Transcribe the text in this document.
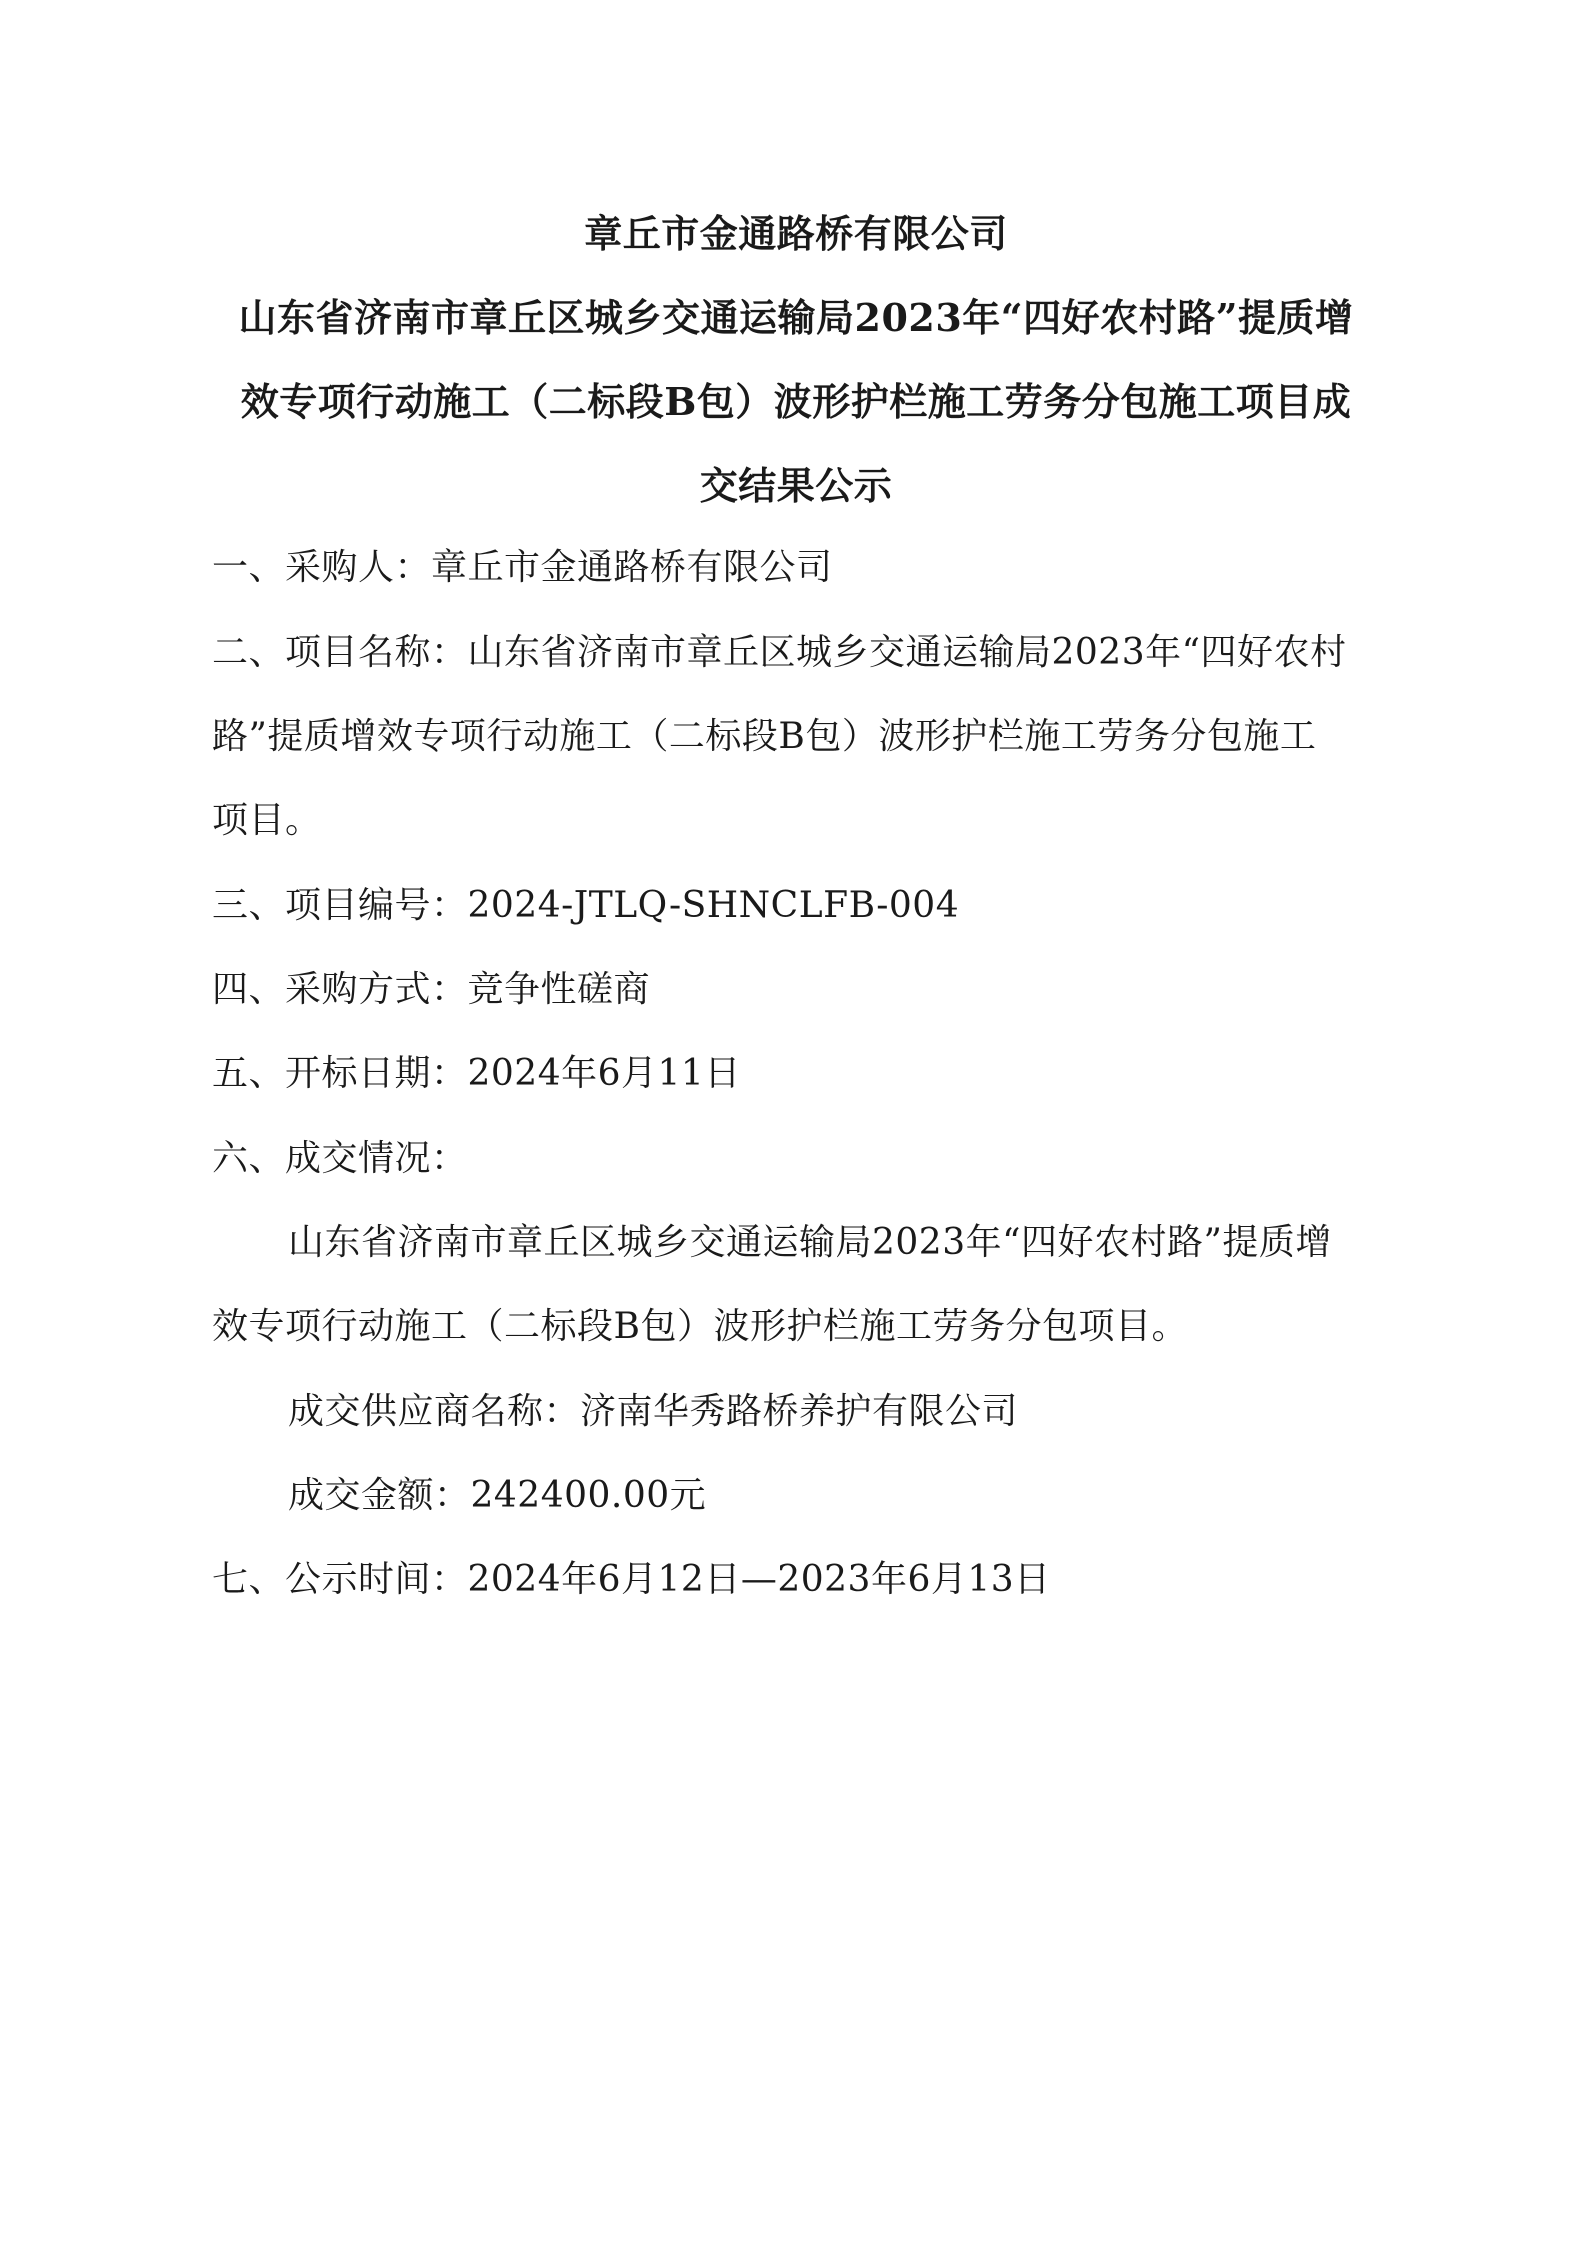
章丘市金通路桥有限公司
山东省济南市章丘区城乡交通运输局2023年“四好农村路”提质增
效专项行动施工（二标段B包）波形护栏施工劳务分包施工项目成
交结果公示
一、采购人：章丘市金通路桥有限公司
二、项目名称：山东省济南市章丘区城乡交通运输局2023年“四好农村
路”提质增效专项行动施工（二标段B包）波形护栏施工劳务分包施工
项目。
三、项目编号：2024-JTLQ-SHNCLFB-004
四、采购方式：竞争性磋商
五、开标日期：2024年6月11日
六、成交情况：
山东省济南市章丘区城乡交通运输局2023年“四好农村路”提质增
效专项行动施工（二标段B包）波形护栏施工劳务分包项目。
成交供应商名称：济南华秀路桥养护有限公司
成交金额：242400.00元
七、公示时间：2024年6月12日—2023年6月13日
